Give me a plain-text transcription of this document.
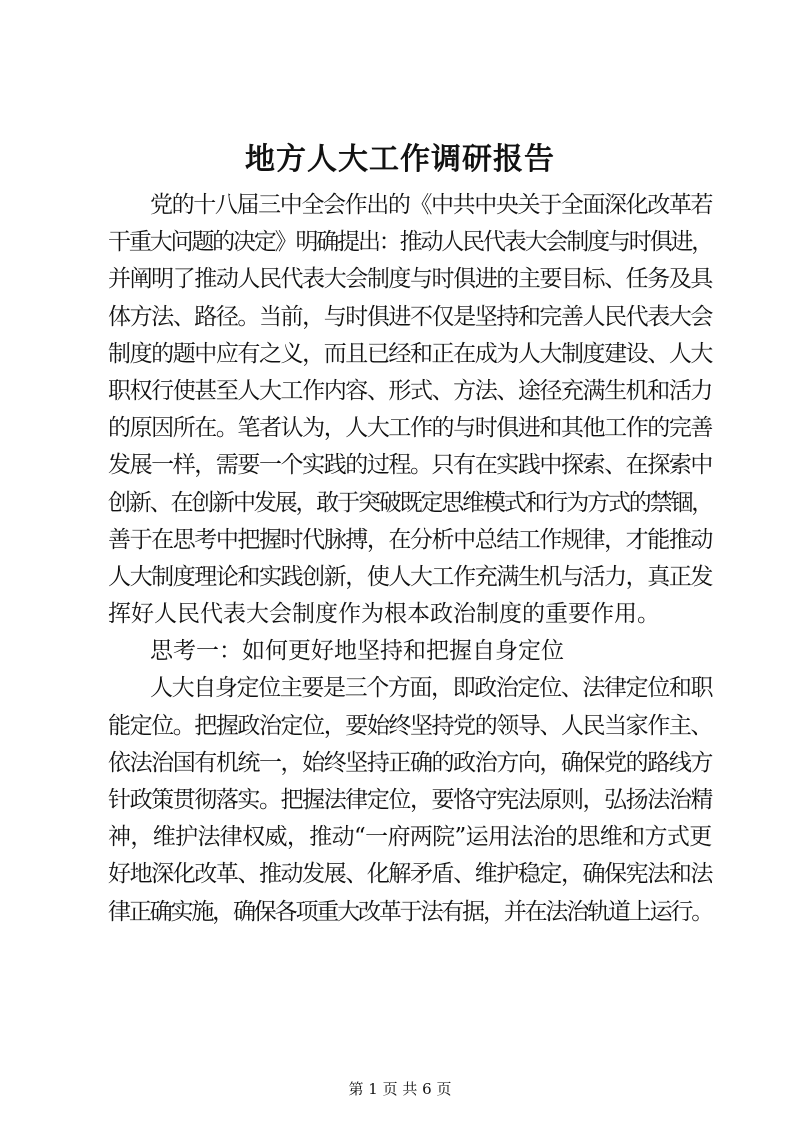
地方人大工作调研报告
党的十八届三中全会作出的《中共中央关于全面深化改革若
干重大问题的决定》明确提出：推动人民代表大会制度与时俱进，
并阐明了推动人民代表大会制度与时俱进的主要目标、任务及具
体方法、路径。当前，与时俱进不仅是坚持和完善人民代表大会
制度的题中应有之义，而且已经和正在成为人大制度建设、人大
职权行使甚至人大工作内容、形式、方法、途径充满生机和活力
的原因所在。笔者认为，人大工作的与时俱进和其他工作的完善
发展一样，需要一个实践的过程。只有在实践中探索、在探索中
创新、在创新中发展，敢于突破既定思维模式和行为方式的禁锢，
善于在思考中把握时代脉搏，在分析中总结工作规律，才能推动
人大制度理论和实践创新，使人大工作充满生机与活力，真正发
挥好人民代表大会制度作为根本政治制度的重要作用。
思考一：如何更好地坚持和把握自身定位
人大自身定位主要是三个方面，即政治定位、法律定位和职
能定位。把握政治定位，要始终坚持党的领导、人民当家作主、
依法治国有机统一，始终坚持正确的政治方向，确保党的路线方
针政策贯彻落实。把握法律定位，要恪守宪法原则，弘扬法治精
神，维护法律权威，推动“一府两院”运用法治的思维和方式更
好地深化改革、推动发展、化解矛盾、维护稳定，确保宪法和法
律正确实施，确保各项重大改革于法有据，并在法治轨道上运行。
第 1 页 共 6 页
